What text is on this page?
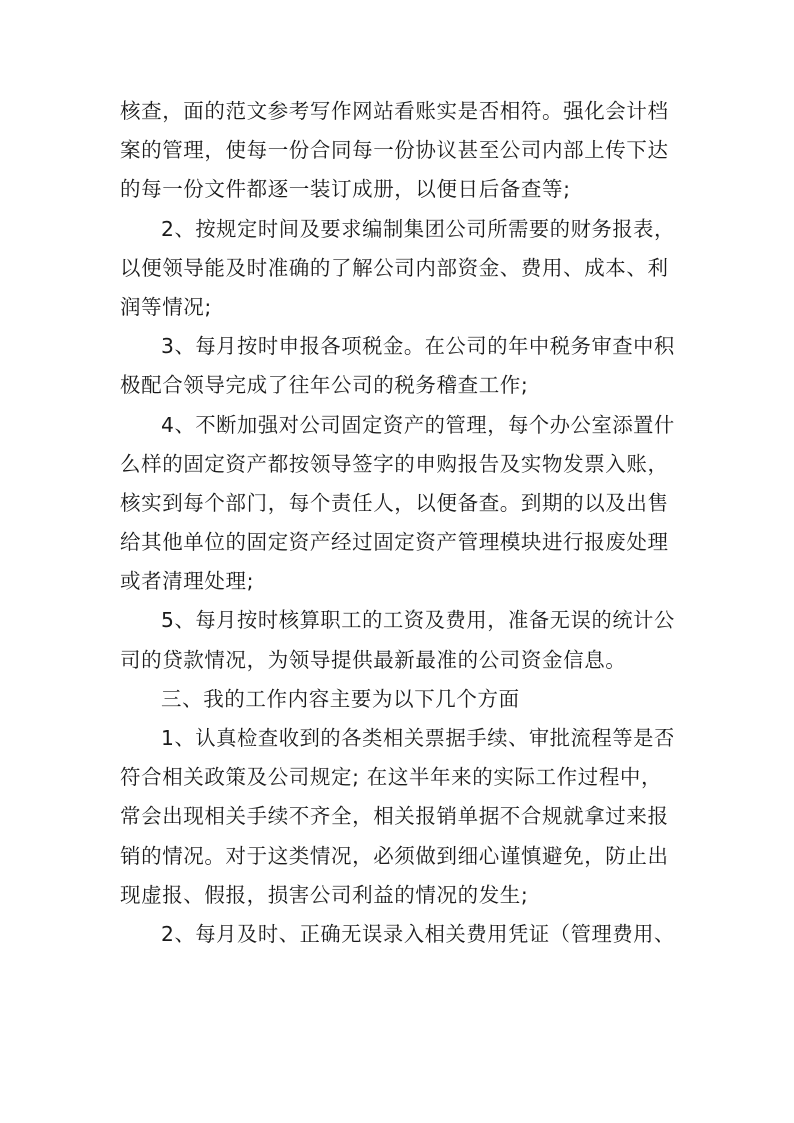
核查，面的范文参考写作网站看账实是否相符。强化会计档
案的管理，使每一份合同每一份协议甚至公司内部上传下达
的每一份文件都逐一装订成册，以便日后备查等;
2、按规定时间及要求编制集团公司所需要的财务报表，
以便领导能及时准确的了解公司内部资金、费用、成本、利
润等情况;
3、每月按时申报各项税金。在公司的年中税务审查中积
极配合领导完成了往年公司的税务稽查工作;
4、不断加强对公司固定资产的管理，每个办公室添置什
么样的固定资产都按领导签字的申购报告及实物发票入账，
核实到每个部门，每个责任人，以便备查。到期的以及出售
给其他单位的固定资产经过固定资产管理模块进行报废处理
或者清理处理;
5、每月按时核算职工的工资及费用，准备无误的统计公
司的贷款情况，为领导提供最新最准的公司资金信息。
三、我的工作内容主要为以下几个方面
1、认真检查收到的各类相关票据手续、审批流程等是否
符合相关政策及公司规定; 在这半年来的实际工作过程中，
常会出现相关手续不齐全，相关报销单据不合规就拿过来报
销的情况。对于这类情况，必须做到细心谨慎避免，防止出
现虚报、假报，损害公司利益的情况的发生;
2、每月及时、正确无误录入相关费用凭证（管理费用、
